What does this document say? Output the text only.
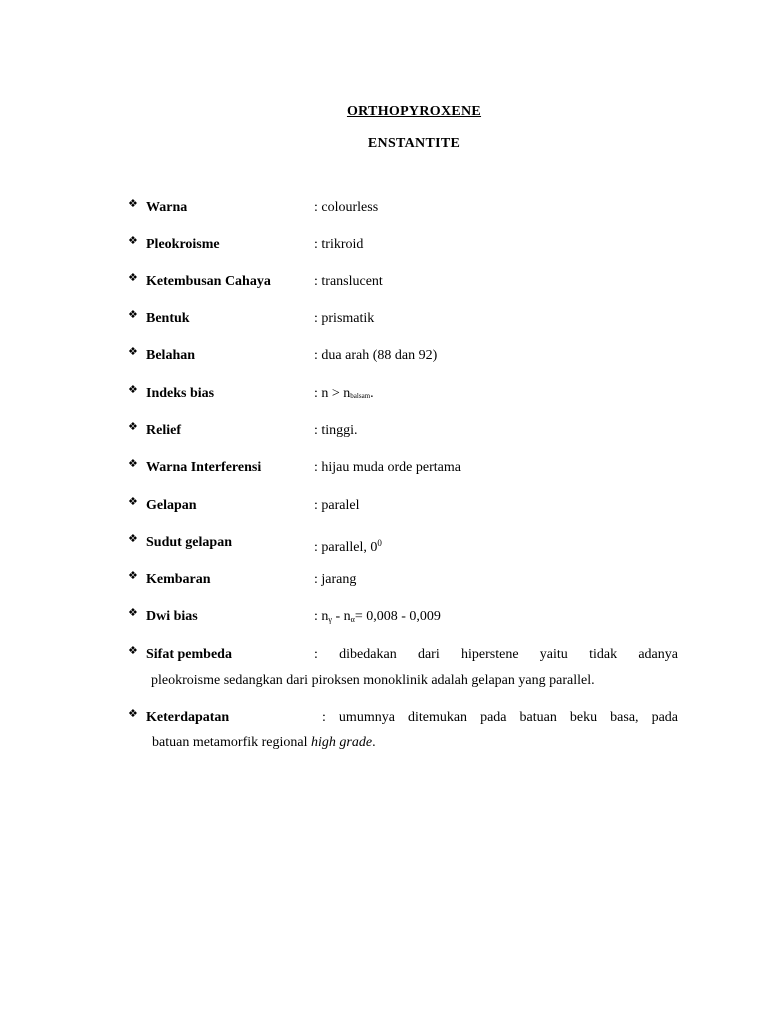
ORTHOPYROXENE
ENSTANTITE
❖ Warna	: colourless
❖ Pleokroisme	: trikroid
❖ Ketembusan Cahaya	: translucent
❖ Bentuk	: prismatik
❖ Belahan	: dua arah (88 dan 92)
❖ Indeks bias	: $n > n_{balsam}$.
❖ Relief	: tinggi.
❖ Warna Interferensi	: hijau muda orde pertama
❖ Gelapan	: paralel
❖ Sudut gelapan	: parallel, $0^0$
❖ Kembaran	: jarang
❖ Dwi bias	: $n_\gamma - n_\alpha= 0,008 - 0,009$
❖ Sifat pembeda	: dibedakan dari hiperstene yaitu tidak adanya
pleokroisme sedangkan dari piroksen monoklinik adalah gelapan yang parallel.
❖ Keterdapatan	: umumnya ditemukan pada batuan beku basa, pada
batuan metamorfik regional high grade.
